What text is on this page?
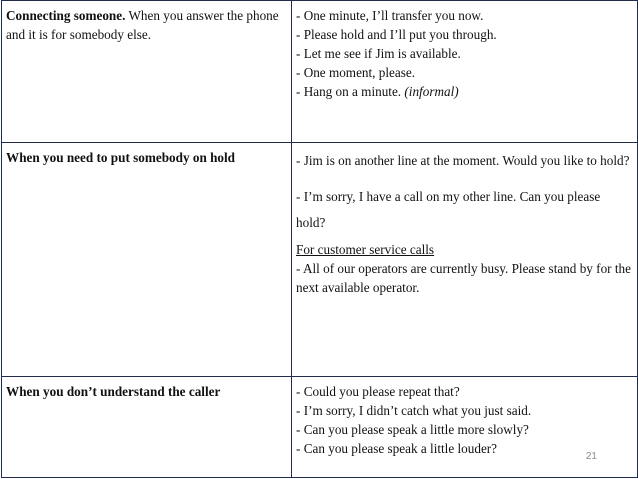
Connecting someone. When you answer the phone and it is for somebody else.	- One minute, I’ll transfer you now.
- Please hold and I’ll put you through.
- Let me see if Jim is available.
- One moment, please.
- Hang on a minute. (informal)

When you need to put somebody on hold	- Jim is on another line at the moment. Would you like to hold?
- I’m sorry, I have a call on my other line. Can you please hold?
For customer service calls
- All of our operators are currently busy. Please stand by for the next available operator.

When you don’t understand the caller	- Could you please repeat that?
- I’m sorry, I didn’t catch what you just said.
- Can you please speak a little more slowly?
- Can you please speak a little louder?
21
